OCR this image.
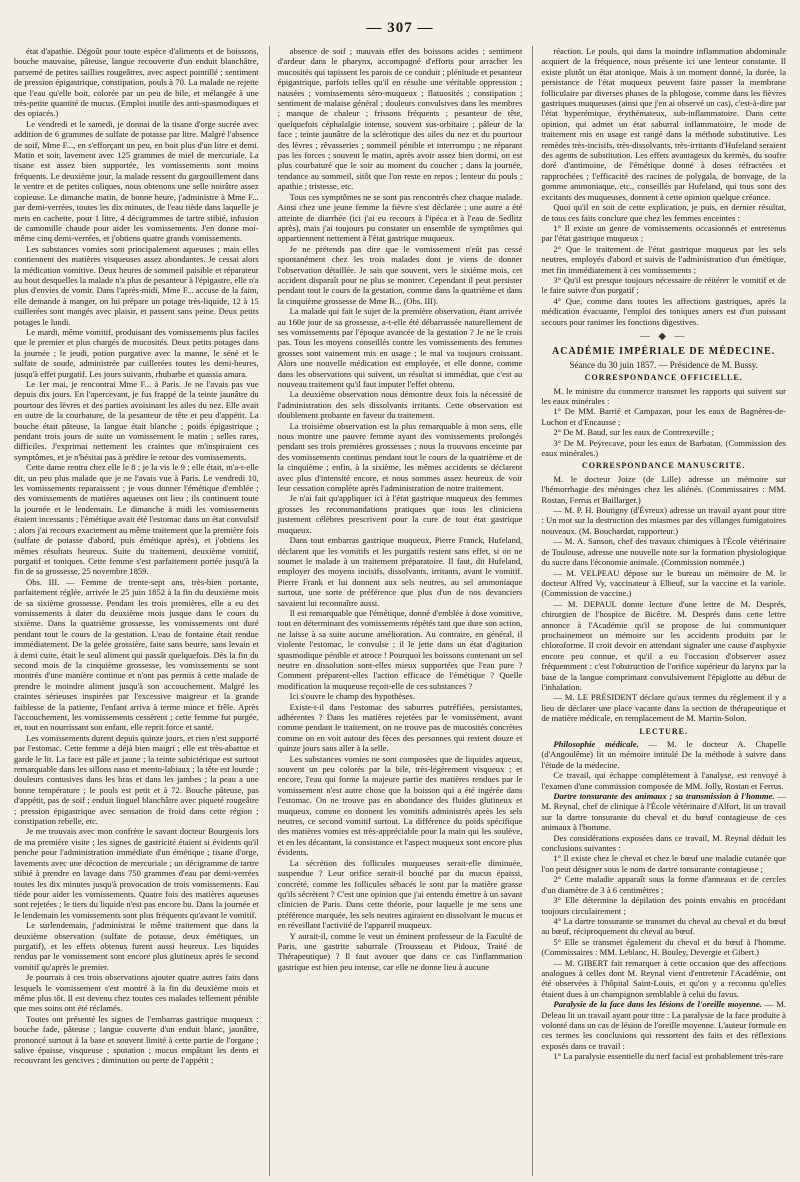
— 307 —

état d'apathie. Dégoût pour toute espèce d'aliments et de boissons, bouche mauvaise, pâteuse, langue recouverte d'un enduit blanchâtre, parsemé de petites saillies rougeâtres, avec aspect pointillé ; sentiment de pression épigastrique, constipation, pouls à 70. La malade ne rejette que l'eau qu'elle boit, colorée par un peu de bile, et mélangée à une très-petite quantité de mucus. (Emploi inutile des anti-spasmodiques et des opiacés.)

Le vendredi et le samedi, je donnai de la tisane d'orge sucrée avec addition de 6 grammes de sulfate de potasse par litre. Malgré l'absence de soif, Mme F..., en s'efforçant un peu, en boit plus d'un litre et demi. Matin et soir, lavement avec 125 grammes de miel de mercuriale. La tisane est assez bien supportée, les vomissements sont moins fréquents. Le deuxième jour, la malade ressent du gargouillement dans le ventre et de petites coliques, nous obtenons une selle noirâtre assez copieuse. Le dimanche matin, de bonne heure, j'administre à Mme F... par demi-verrées, toutes les dix minutes, de l'eau tiède dans laquelle je mets en cachette, pour 1 litre, 4 décigrammes de tartre stibié, infusion de camomille chaude pour aider les vomissements. J'en donne moi-même cinq demi-verrées, et j'obtiens quatre grands vomissements.

Les substances vomies sont principalement aqueuses ; mais elles contiennent des matières visqueuses assez abondantes. Je cessai alors la médication vomitive. Deux heures de sommeil paisible et réparateur au bout desquelles la malade n'a plus de pesanteur à l'épigastre, elle n'a plus d'envies de vomir. Dans l'après-midi, Mme F... accuse de la faim, elle demande à manger, on lui prépare un potage très-liquide, 12 à 15 cuillerées sont mangés avec plaisir, et passent sans peine. Deux petits potages le lundi.

Le mardi, même vomitif, produisant des vomissements plus faciles que le premier et plus chargés de mucosités. Deux petits potages dans la journée ; le jeudi, potion purgative avec la manne, le séné et le sulfate de soude, administrée par cuillerées toutes les demi-heures, jusqu'à effet purgatif. Les jours suivants, rhubarbe et quassia amara.

Le 1er mai, je rencontrai Mme F... à Paris. Je ne l'avais pas vue depuis dix jours. En l'apercevant, je fus frappé de la teinte jaunâtre du pourtour des lèvres et des parties avoisinant les ailes du nez. Elle avait en outre de la courbature, de la pesanteur de tête et peu d'appétit. La bouche était pâteuse, la langue était blanche ; poids épigastrique ; pendant trois jours de suite un vomissement le matin ; selles rares, difficiles. J'exprimai nettement les craintes que m'inspiraient ces symptômes, et je n'hésitai pas à prédire le retour des vomissements.

Cette dame rentra chez elle le 8 ; je la vis le 9 ; elle était, m'a-t-elle dit, un peu plus malade que je ne l'avais vue à Paris. Le vendredi 10, les vomissements reparaissent ; je vous donner l'émétique d'emblée ; des vomissements de matières aqueuses ont lieu ; ils continuent toute la journée et le lendemain. Le dimanche à midi les vomissements étaient incessants ; l'émétique avait été l'estomac dans un état convulsif ; alors j'ai recours exactement au même traitement que la première fois (sulfate de potasse d'abord, puis émétique après), et j'obtiens les mêmes résultats heureux. Suite du traitement, deuxième vomitif, purgatif et toniques. Cette femme s'est parfaitement portée jusqu'à la fin de sa grossesse, 25 novembre 1859.

Obs. III. — Femme de trente-sept ans, très-bien portante, parfaitement réglée, arrivée le 25 juin 1852 à la fin du deuxième mois de sa sixième grossesse. Pendant les trois premières, elle a eu des vomissements à dater du deuxième mois jusque dans le cours du sixième. Dans la quatrième grossesse, les vomissements ont duré pendant tout le cours de la gestation. L'eau de fontaine était rendue immédiatement. De la gelée grossière, faite sans beurre, sans levain et à demi cuite, était le seul aliment qui passât quelquefois. Dès la fin du second mois de la cinquième grossesse, les vomissements se sont montrés d'une manière continue et n'ont pas permis à cette malade de prendre le moindre aliment jusqu'à son accouchement. Malgré les craintes sérieuses inspirées par l'excessive maigreur et la grande faiblesse de la patiente, l'enfant arriva à terme mince et frêle. Après l'accouchement, les vomissements cessèrent ; cette femme fut purgée, et, tout en nourrissant son enfant, elle reprit force et santé.

Les vomissements durent depuis quinze jours, et rien n'est supporté par l'estomac. Cette femme a déjà bien maigri ; elle est très-abattue et garde le lit. La face est pâle et jaune ; la teinte subictérique est surtout remarquable dans les sillons naso et mento-labiaux ; la tête est lourde ; douleurs contusives dans les bras et dans les jambes ; la peau a une bonne température ; le pouls est petit et à 72. Bouche pâteuse, pas d'appétit, pas de soif ; enduit linguel blanchâtre avec piqueté rougeâtre ; pression épigastrique avec sensation de froid dans cette région ; constipation rebelle, etc.

Je me trouvais avec mon confrère le savant docteur Bourgeois lors de ma première visite ; les signes de gastricité étaient si évidents qu'il penche pour l'administration immédiate d'un émétique ; tisane d'orge, lavements avec une décoction de mercuriale ; un décigramme de tartre stibié à prendre en lavage dans 750 grammes d'eau par demi-verrées toutes les dix minutes jusqu'à provocation de trois vomissements. Eau tiède pour aider les vomissements. Quatre fois des matières aqueuses sont rejetées ; le tiers du liquide n'est pas encore bu. Dans la journée et le lendemain les vomissements sont plus fréquents qu'avant le vomitif.

Le surlendemain, j'administrai le même traitement que dans la deuxième observation (sulfate de potasse, deux émétiques, un purgatif), et les effets obtenus furent aussi heureux. Les liquides rendus par le vomissement sont encore plus glutineux après le second vomitif qu'après le premier.

Je pourrais à ces trois observations ajouter quatre autres faits dans lesquels le vomissement s'est montré à la fin du deuxième mois et même plus tôt. Il est devenu chez toutes ces malades tellement pénible que mes soins ont été réclamés.

Toutes ont présenté les signes de l'embarras gastrique muqueux : bouche fade, pâteuse ; langue couverte d'un enduit blanc, jaunâtre, prononcé surtout à la base et souvent limité à cette partie de l'organe ; salive épaisse, visqueuse ; sputation ; mucus empâtant les dents et recouvrant les gencives ; diminution ou perte de l'appétit ;

absence de soif ; mauvais effet des boissons acides ; sentiment d'ardeur dans le pharynx, accompagné d'efforts pour arracher les mucosités qui tapissent les parois de ce conduit ; plénitude et pesanteur épigastrique, parfois telles qu'il en résulte une véritable oppression ; nausées ; vomissements séro-muqueux ; flatuosités ; constipation ; sentiment de malaise général ; douleurs convulsives dans les membres ; manque de chaleur ; frissons fréquents ; pesanteur de tête, quelquefois céphalalgie intense, souvent sus-orbitaire ; pâleur de la face ; teinte jaunâtre de la sclérotique des ailes du nez et du pourtour des lèvres ; rêvasseries ; sommeil pénible et interrompu ; ne réparant pas les forces ; souvent le matin, après avoir assez bien dormi, on est plus courbaturé que le soir au moment du coucher ; dans la journée, tendance au sommeil, sitôt que l'on reste en repos ; lenteur du pouls ; apathie ; tristesse, etc.

Tous ces symptômes ne se sont pas rencontrés chez chaque malade. Ainsi chez une jeune femme la fièvre s'est déclarée ; une autre a été atteinte de diarrhée (ici j'ai eu recours à l'ipéca et à l'eau de Sedlitz après), mais j'ai toujours pu constater un ensemble de symptômes qui appartiennent nettement à l'état gastrique muqueux.

Je ne prétends pas dire que le vomissement n'eût pas cessé spontanément chez les trois malades dont je viens de donner l'observation détaillée. Je sais que souvent, vers le sixième mois, cet accident disparaît pour ne plus se montrer. Cependant il peut persister pendant tout le cours de la gestation, comme dans la quatrième et dans la cinquième grossesse de Mme B... (Obs. III).

La malade qui fait le sujet de la première observation, étant arrivée au 160e jour de sa grossesse, a-t-elle été débarrassée naturellement de ses vomissements par l'époque avancée de la gestation ? Je ne le crois pas. Tous les moyens conseillés contre les vomissements des femmes grosses sont vainement mis en usage ; le mal va toujours croissant. Alors une nouvelle médication est employée, et elle donne, comme dans les observations qui suivent, un résultat si immédiat, que c'est au nouveau traitement qu'il faut imputer l'effet obtenu.

La deuxième observation nous démontre deux fois la nécessité de l'administration des sels dissolvants irritants. Cette observation est doublement probante en faveur du traitement.

La troisième observation est la plus remarquable à mon sens, elle nous montre une pauvre femme ayant des vomissements prolongés pendant ses trois premières grossesses ; nous la trouvons enceinte par des vomissements continus pendant tout le cours de la quatrième et de la cinquième ; enfin, à la sixième, les mêmes accidents se déclarent avec plus d'intensité encore, et nous sommes assez heureux de voir leur cessation complète après l'administration de notre traitement.

Je n'ai fait qu'appliquer ici à l'état gastrique muqueux des femmes grosses les recommandations pratiques que tous les cliniciens justement célèbres prescrivent pour la cure de tout état gastrique muqueux.

Dans tout embarras gastrique muqueux, Pierre Franck, Hufeland, déclarent que les vomitifs et les purgatifs restent sans effet, si on ne soumet le malade à un traitement préparatoire. Il faut, dit Hufeland, employer des moyens incisifs, dissolvants, irritants, avant le vomitif. Pierre Frank et lui donnent aux sels neutres, au sel ammoniaque surtout, une sorte de préférence que plus d'un de nos devanciers savaient lui reconnaître aussi.

Il est remarquable que l'émétique, donné d'emblée à dose vomitive, tout en déterminant des vomissements répétés tant que dure son action, ne laisse à sa suite aucune amélioration. Au contraire, en général, il violente l'estomac, le convulse ; il le jette dans un état d'agitation spasmodique pénible et atroce ! Pourquoi les boissons contenant un sel neutre en dissolution sont-elles mieux supportées que l'eau pure ? Comment préparent-elles l'action efficace de l'émétique ? Quelle modification la muqueuse reçoit-elle de ces substances ?

Ici s'ouvre le champ des hypothèses.

Existe-t-il dans l'estomac des saburres putréfiées, persistantes, adhérentes ? Dans les matières rejetées par le vomissement, avant comme pendant le traitement, on ne trouve pas de mucosités concrètes comme on en voit autour des fèces des personnes qui restent douze et quinze jours sans aller à la selle.

Les substances vomies ne sont composées que de liquides aqueux, souvent un peu colorés par la bile, très-légèrement visqueux ; et encore, l'eau qui forme la majeure partie des matières rendues par le vomissement n'est autre chose que la boisson qui a été ingérée dans l'estomac. On ne trouve pas en abondance des fluides glutineux et muqueux, comme en donnent les vomitifs administrés après les sels neutres, ce second vomitif surtout. La différence du poids spécifique des matières vomies est très-appréciable pour la main qui les soulève, et en les décantant, la consistance et l'aspect muqueux sont encore plus évidents.

La sécrétion des follicules muqueuses serait-elle diminuée, suspendue ? Leur orifice serait-il bouché par du mucus épaissi, concrété, comme les follicules sébacés le sont par la matière grasse qu'ils sécrètent ? C'est une opinion que j'ai entendu émettre à un savant clinicien de Paris. Dans cette théorie, pour laquelle je me sens une préférence marquée, les sels neutres agiraient en dissolvant le mucus et en réveillant l'activité de l'appareil muqueux.

Y aurait-il, comme le veut un éminent professeur de la Faculté de Paris, une gastrite saburrale (Trousseau et Pidoux, Traité de Thérapeutique) ? Il faut avouer que dans ce cas l'inflammation gastrique est bien peu intense, car elle ne donne lieu à aucune

réaction. Le pouls, qui dans la moindre inflammation abdominale acquiert de la fréquence, nous présente ici une lenteur constante. Il existe plutôt un état atonique. Mais à un moment donné, la durée, la persistance de l'état muqueux peuvent faire passer la membrane folliculaire par diverses phases de la phlogose, comme dans les fièvres gastriques muqueuses (ainsi que j'en ai observé un cas), c'est-à-dire par l'état hyperémique, érythémateux, sub-inflammatoire. Dans cette opinion, qui admet un état saburral inflammatoire, le mode de traitement mis en usage est rangé dans la méthode substitutive. Les remèdes très-incisifs, très-dissolvants, très-irritants d'Hufeland seraient des agents de substitution. Les effets avantageux du kermès, du soufre doré d'antimoine, de l'émétique donné à doses réfractées et rapprochées ; l'efficacité des racines de polygala, de bonvage, de la gomme ammoniaque, etc., conseillés par Hufeland, qui tous sont des excitants des muqueuses, donnent à cette opinion quelque créance.

Quoi qu'il en soit de cette explication, je puis, en dernier résultat, de tous ces faits conclure que chez les femmes enceintes :

1° Il existe un genre de vomissements occasionnés et entretenus par l'état gastrique muqueux ;

2° Que le traitement de l'état gastrique muqueux par les sels neutres, employés d'abord et suivis de l'administration d'un émétique, met fin immédiatement à ces vomissements ;

3° Qu'il est presque toujours nécessaire de réitérer le vomitif et de le faire suivre d'un purgatif ;

4° Que, comme dans toutes les affections gastriques, après la médication évacuante, l'emploi des toniques amers est d'un puissant secours pour ranimer les fonctions digestives.

— ◆ —
ACADÉMIE IMPÉRIALE DE MÉDECINE.
Séance du 30 juin 1857. — Présidence de M. Bussy.
CORRESPONDANCE OFFICIELLE.

M. le ministre du commerce transmet les rapports qui suivent sur les eaux minérales :

1° De MM. Barrié et Campazan, pour les eaux de Bagnères-de-Luchon et d'Encausse ;

2° De M. Baud, sur les eaux de Contrexeville ;

3° De M. Peyrecave, pour les eaux de Barbatan. (Commission des eaux minérales.)

CORRESPONDANCE MANUSCRITE.

M. le docteur Joize (de Lille) adresse un mémoire sur l'hémorrhagie des méninges chez les aliénés. (Commissaires : MM. Rostan, Ferrus et Baillarger.)

— M. P. H. Boutigny (d'Évreux) adresse un travail ayant pour titre : Un mot sur la destruction des miasmes par des villanges fumigatoires nouveaux. (M. Bouchardat, rapporteur.)

— M. A. Sanson, chef des travaux chimiques à l'École vétérinaire de Toulouse, adresse une nouvelle note sur la formation physiologique du sucre dans l'économie animale. (Commission nommée.)

— M. VELPEAU dépose sur le bureau un mémoire de M. le docteur Alfred Vy, vaccinateur à Elbeuf, sur la vaccine et la variole. (Commission de vaccine.)

— M. DEPAUL donne lecture d'une lettre de M. Després, chirurgien de l'hospice de Bicêtre. M. Després dans cette lettre annonce à l'Académie qu'il se propose de lui communiquer prochainement un mémoire sur les accidents produits par le chloroforme. Il croit devoir en attendant signaler une cause d'asphyxie encore peu connue, et qu'il a eu l'occasion d'observer assez fréquemment : c'est l'obstruction de l'orifice supérieur du larynx par la base de la langue comprimant convulsivement l'épiglotte au début de l'inhalation.

— M. LE PRÉSIDENT déclare qu'aux termes du règlement il y a lieu de déclarer une place vacante dans la section de thérapeutique et de matière médicale, en remplacement de M. Martin-Solon.

LECTURE.

Philosophie médicale. — M. le docteur A. Chapelle (d'Angoulême) lit un mémoire intitulé De la méthode à suivre dans l'étude de la médecine.

Ce travail, qui échappe complètement à l'analyse, est renvoyé à l'examen d'une commission composée de MM. Jolly, Rostan et Ferrus.

Dartre tonsurante des animaux ; sa transmission à l'homme. — M. Reynal, chef de clinique à l'École vétérinaire d'Alfort, lit un travail sur la dartre tonsurante du cheval et du bœuf contagieuse de ces animaux à l'homme.

Des considérations exposées dans ce travail, M. Reynal déduit les conclusions suivantes :

1° Il existe chez le cheval et chez le bœuf une maladie cutanée que l'on peut désigner sous le nom de dartre tonsurante contagieuse ;

2° Cette maladie apparaît sous la forme d'anneaux et de cercles d'un diamètre de 3 à 6 centimètres ;

3° Elle détermine la dépilation des points envahis en procédant toujours circulairement ;

4° La dartre tonsurante se transmet du cheval au cheval et du bœuf au bœuf, réciproquement du cheval au bœuf.

5° Elle se transmet également du cheval et du bœuf à l'homme. (Commissaires : MM. Leblanc, H. Bouley, Devergie et Gibert.)

— M. GIBERT fait remarquer à cette occasion que des affections analogues à celles dont M. Reynal vient d'entretenir l'Académie, ont été observées à l'hôpital Saint-Louis, et qu'on y a reconnu qu'elles étaient dues à un champignon semblable à celui du favus.

Paralysie de la face dans les lésions de l'oreille moyenne. — M. Deleau lit un travail ayant pour titre : La paralysie de la face produite à volonté dans un cas de lésion de l'oreille moyenne. L'auteur formule en ces termes les conclusions qui ressortent des faits et des réflexions exposés dans ce travail :

1° La paralysie essentielle du nerf facial est probablement très-rare
